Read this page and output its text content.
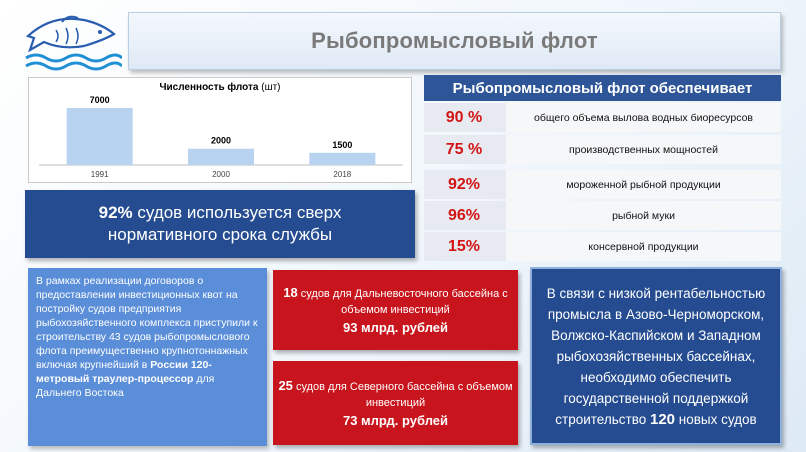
Рыбопромысловый флот
Численность флота (шт)
7000
1991
2000
2000
1500
2018
92% судов используется сверх
нормативного срока службы
Рыбопромысловый флот обеспечивает
90 %	общего объема вылова водных биоресурсов
75 %	производственных мощностей
92%	мороженной рыбной продукции
96%	рыбной муки
15%	консервной продукции
В рамках реализации договоров о предоставлении инвестиционных квот на постройку судов предприятия рыбохозяйственного комплекса приступили к строительству 43 судов рыбопромыслового флота преимущественно крупнотоннажных включая крупнейший в России 120-метровый траулер-процессор для Дальнего Востока
18 судов для Дальневосточного бассейна с объемом инвестиций
93 млрд. рублей
25 судов для Северного бассейна с объемом инвестиций
73 млрд. рублей
В связи с низкой рентабельностью промысла в Азово-Черноморском, Волжско-Каспийском и Западном рыбохозяйственных бассейнах, необходимо обеспечить государственной поддержкой строительство 120 новых судов
